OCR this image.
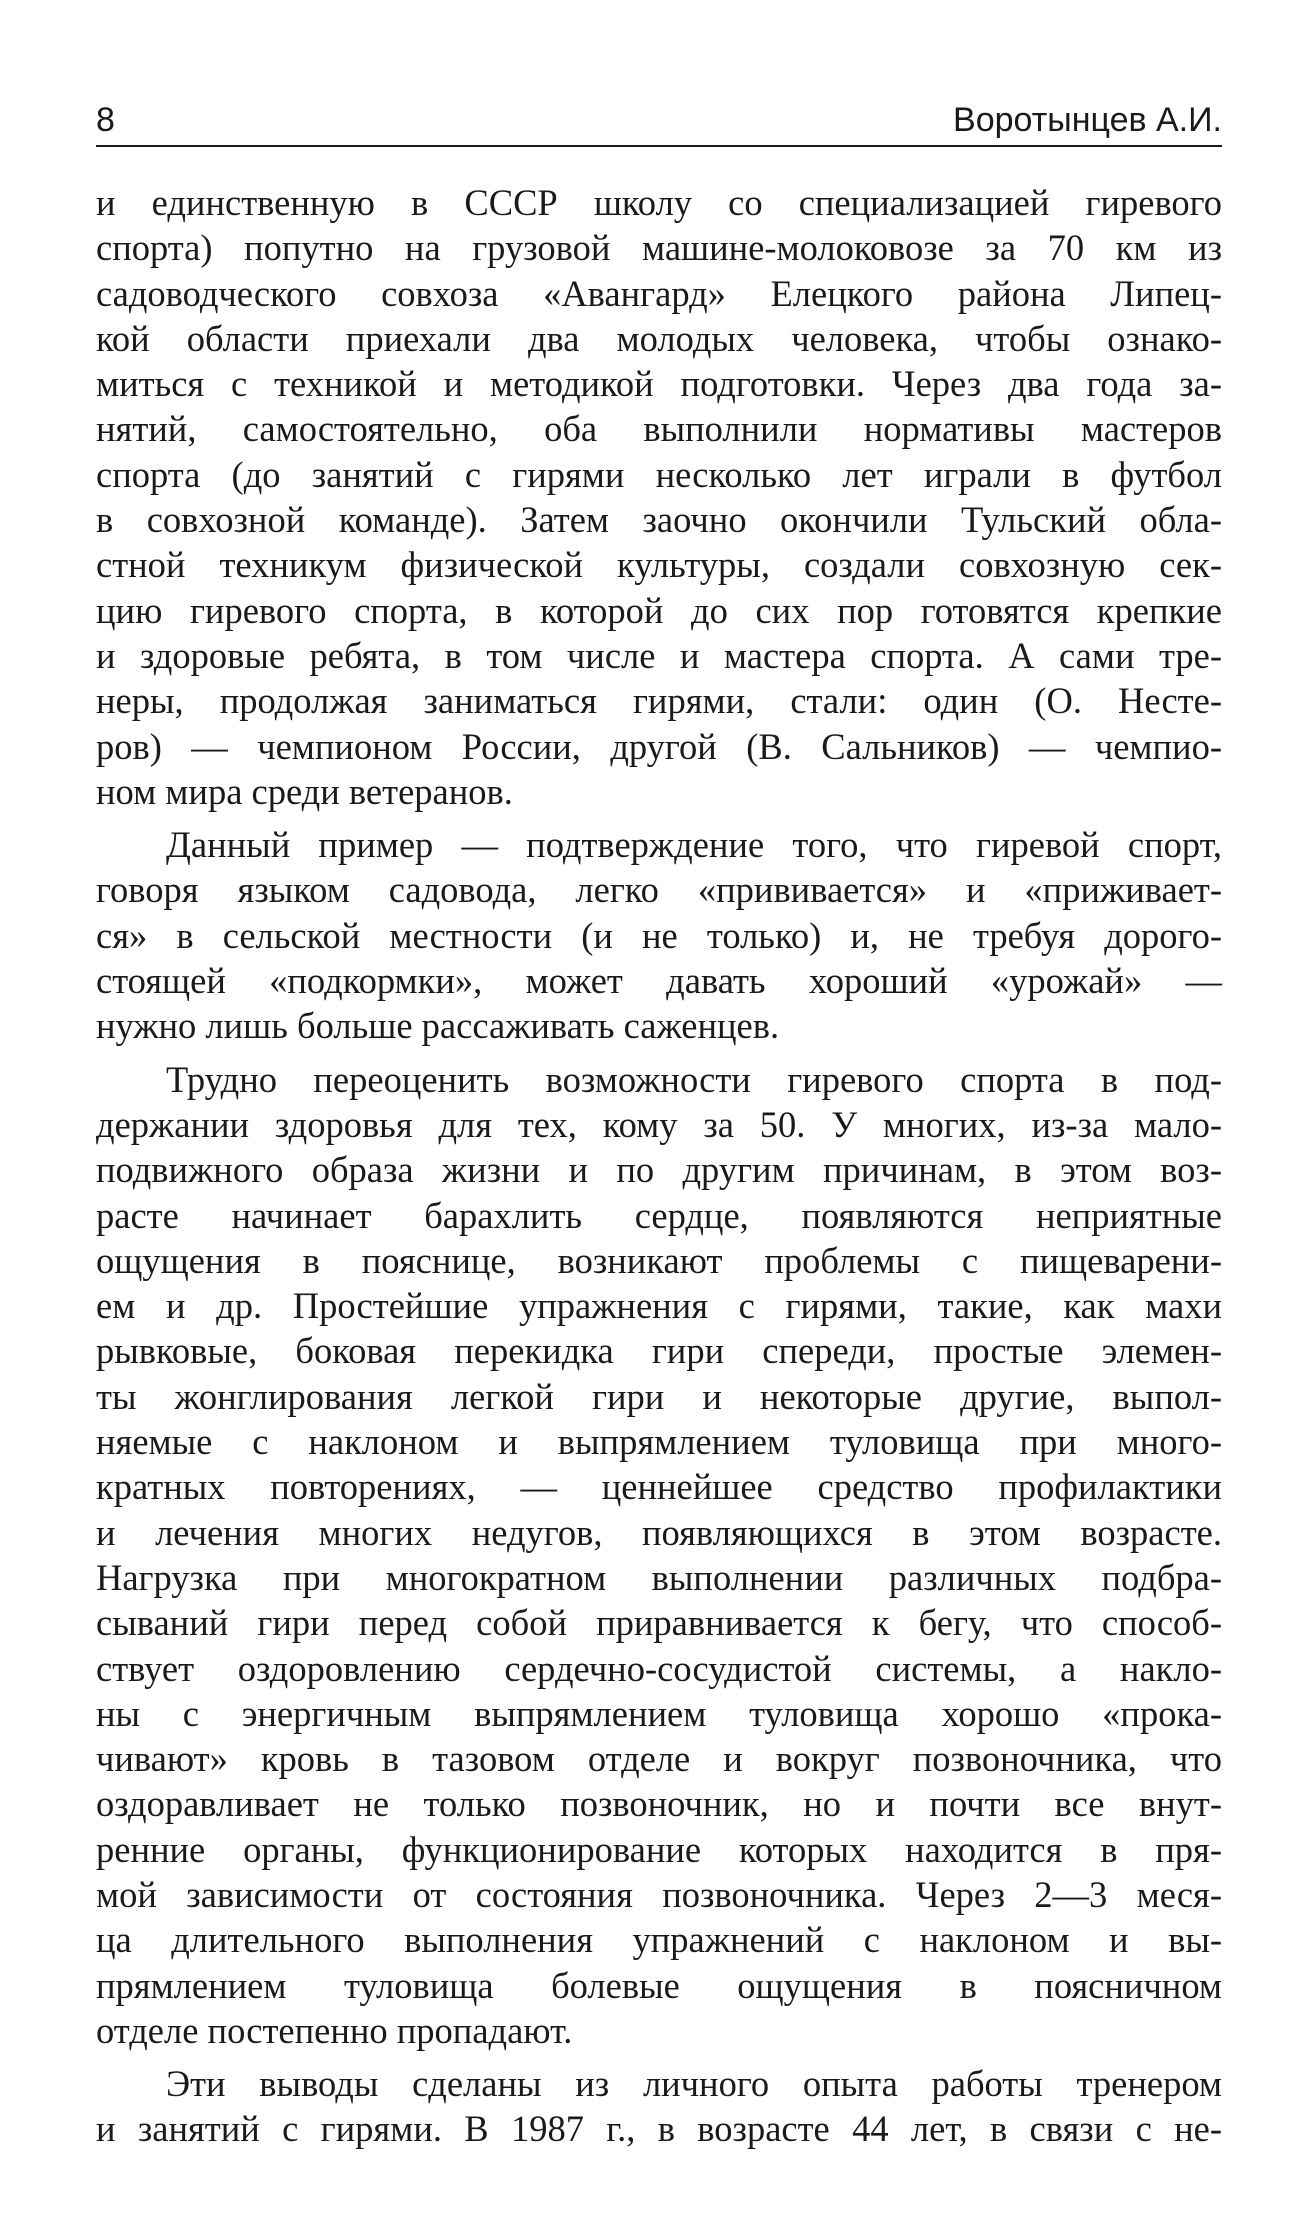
8	Воротынцев А.И.
и единственную в СССР школу со специализацией гиревого
спорта) попутно на грузовой машине-молоковозе за 70 км из
садоводческого совхоза «Авангард» Елецкого района Липец-
кой области приехали два молодых человека, чтобы ознако-
миться с техникой и методикой подготовки. Через два года за-
нятий, самостоятельно, оба выполнили нормативы мастеров
спорта (до занятий с гирями несколько лет играли в футбол
в совхозной команде). Затем заочно окончили Тульский обла-
стной техникум физической культуры, создали совхозную сек-
цию гиревого спорта, в которой до сих пор готовятся крепкие
и здоровые ребята, в том числе и мастера спорта. А сами тре-
неры, продолжая заниматься гирями, стали: один (О. Несте-
ров) — чемпионом России, другой (В. Сальников) — чемпио-
ном мира среди ветеранов.
Данный пример — подтверждение того, что гиревой спорт,
говоря языком садовода, легко «прививается» и «приживает-
ся» в сельской местности (и не только) и, не требуя дорого-
стоящей «подкормки», может давать хороший «урожай» —
нужно лишь больше рассаживать саженцев.
Трудно переоценить возможности гиревого спорта в под-
держании здоровья для тех, кому за 50. У многих, из-за мало-
подвижного образа жизни и по другим причинам, в этом воз-
расте начинает барахлить сердце, появляются неприятные
ощущения в пояснице, возникают проблемы с пищеварени-
ем и др. Простейшие упражнения с гирями, такие, как махи
рывковые, боковая перекидка гири спереди, простые элемен-
ты жонглирования легкой гири и некоторые другие, выпол-
няемые с наклоном и выпрямлением туловища при много-
кратных повторениях, — ценнейшее средство профилактики
и лечения многих недугов, появляющихся в этом возрасте.
Нагрузка при многократном выполнении различных подбра-
сываний гири перед собой приравнивается к бегу, что способ-
ствует оздоровлению сердечно-сосудистой системы, а накло-
ны с энергичным выпрямлением туловища хорошо «прока-
чивают» кровь в тазовом отделе и вокруг позвоночника, что
оздоравливает не только позвоночник, но и почти все внут-
ренние органы, функционирование которых находится в пря-
мой зависимости от состояния позвоночника. Через 2—3 меся-
ца длительного выполнения упражнений с наклоном и вы-
прямлением туловища болевые ощущения в поясничном
отделе постепенно пропадают.
Эти выводы сделаны из личного опыта работы тренером
и занятий с гирями. В 1987 г., в возрасте 44 лет, в связи с не-
